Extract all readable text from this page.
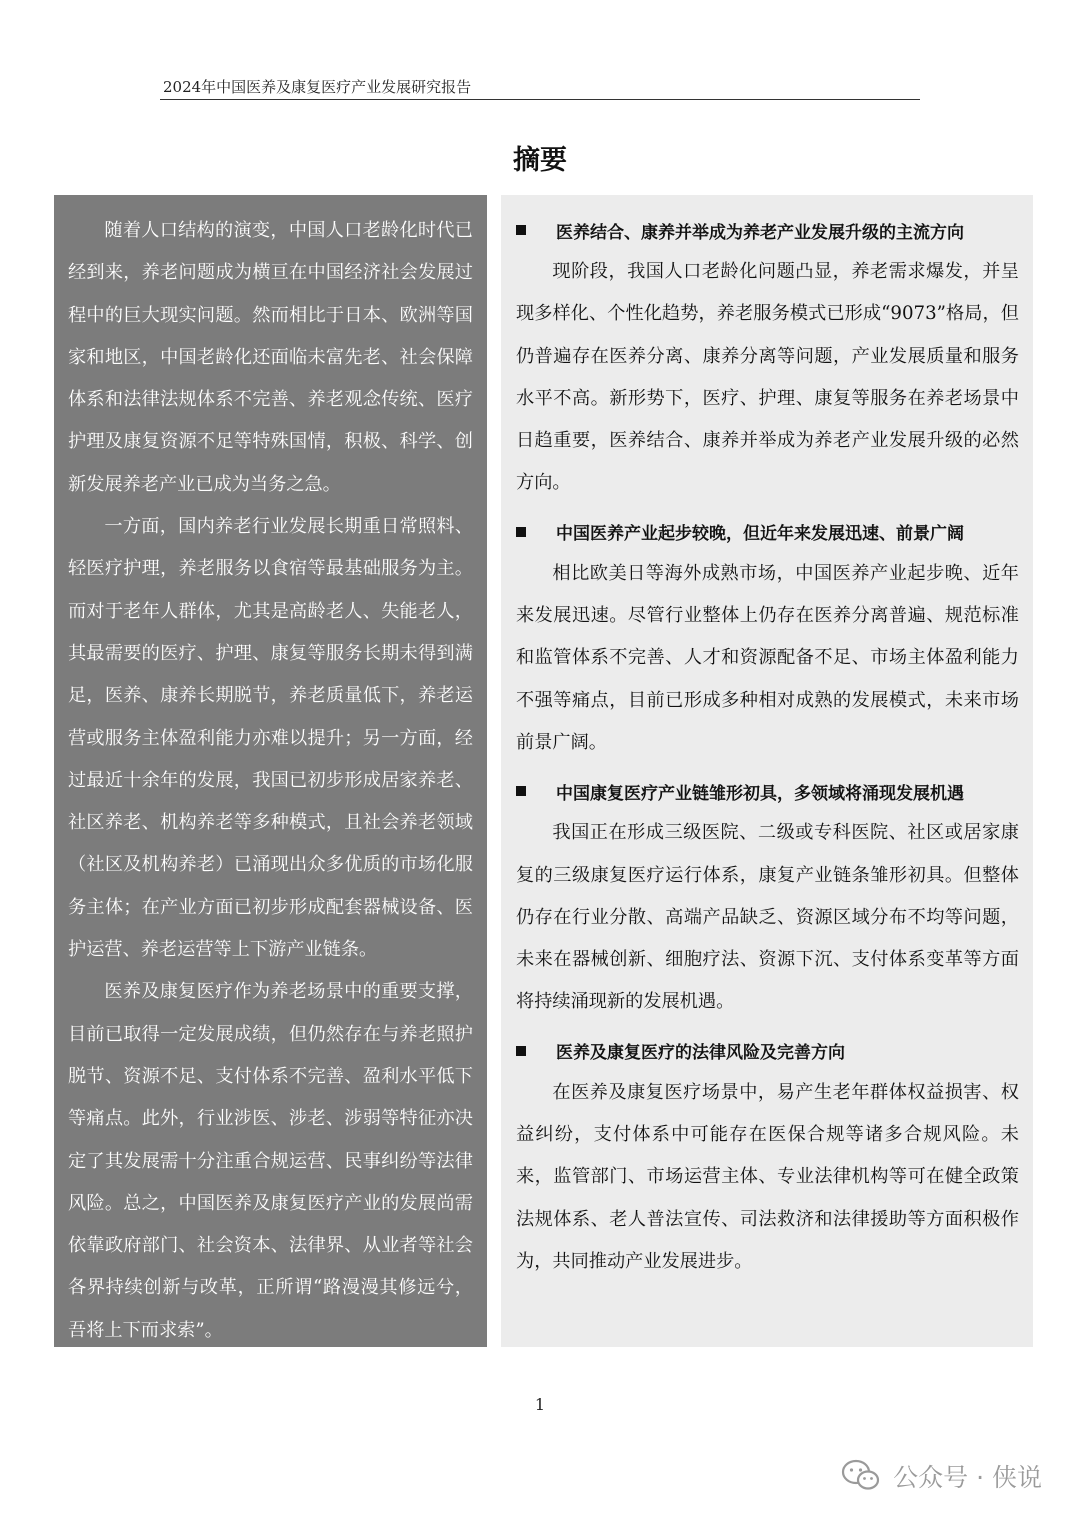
2024年中国医养及康复医疗产业发展研究报告
摘要

随着人口结构的演变，中国人口老龄化时代已经到来，养老问题成为横亘在中国经济社会发展过程中的巨大现实问题。然而相比于日本、欧洲等国家和地区，中国老龄化还面临未富先老、社会保障体系和法律法规体系不完善、养老观念传统、医疗护理及康复资源不足等特殊国情，积极、科学、创新发展养老产业已成为当务之急。

一方面，国内养老行业发展长期重日常照料、轻医疗护理，养老服务以食宿等最基础服务为主。而对于老年人群体，尤其是高龄老人、失能老人，其最需要的医疗、护理、康复等服务长期未得到满足，医养、康养长期脱节，养老质量低下，养老运营或服务主体盈利能力亦难以提升；另一方面，经过最近十余年的发展，我国已初步形成居家养老、社区养老、机构养老等多种模式，且社会养老领域（社区及机构养老）已涌现出众多优质的市场化服务主体；在产业方面已初步形成配套器械设备、医护运营、养老运营等上下游产业链条。

医养及康复医疗作为养老场景中的重要支撑，目前已取得一定发展成绩，但仍然存在与养老照护脱节、资源不足、支付体系不完善、盈利水平低下等痛点。此外，行业涉医、涉老、涉弱等特征亦决定了其发展需十分注重合规运营、民事纠纷等法律风险。总之，中国医养及康复医疗产业的发展尚需依靠政府部门、社会资本、法律界、从业者等社会各界持续创新与改革，正所谓“路漫漫其修远兮，吾将上下而求索”。

医养结合、康养并举成为养老产业发展升级的主流方向

现阶段，我国人口老龄化问题凸显，养老需求爆发，并呈现多样化、个性化趋势，养老服务模式已形成“9073”格局，但仍普遍存在医养分离、康养分离等问题，产业发展质量和服务水平不高。新形势下，医疗、护理、康复等服务在养老场景中日趋重要，医养结合、康养并举成为养老产业发展升级的必然方向。

中国医养产业起步较晚，但近年来发展迅速、前景广阔

相比欧美日等海外成熟市场，中国医养产业起步晚、近年来发展迅速。尽管行业整体上仍存在医养分离普遍、规范标准和监管体系不完善、人才和资源配备不足、市场主体盈利能力不强等痛点，目前已形成多种相对成熟的发展模式，未来市场前景广阔。

中国康复医疗产业链雏形初具，多领域将涌现发展机遇

我国正在形成三级医院、二级或专科医院、社区或居家康复的三级康复医疗运行体系，康复产业链条雏形初具。但整体仍存在行业分散、高端产品缺乏、资源区域分布不均等问题，未来在器械创新、细胞疗法、资源下沉、支付体系变革等方面将持续涌现新的发展机遇。

医养及康复医疗的法律风险及完善方向

在医养及康复医疗场景中，易产生老年群体权益损害、权益纠纷，支付体系中可能存在医保合规等诸多合规风险。未来，监管部门、市场运营主体、专业法律机构等可在健全政策法规体系、老人普法宣传、司法救济和法律援助等方面积极作为，共同推动产业发展进步。

1
公众号 · 侠说
